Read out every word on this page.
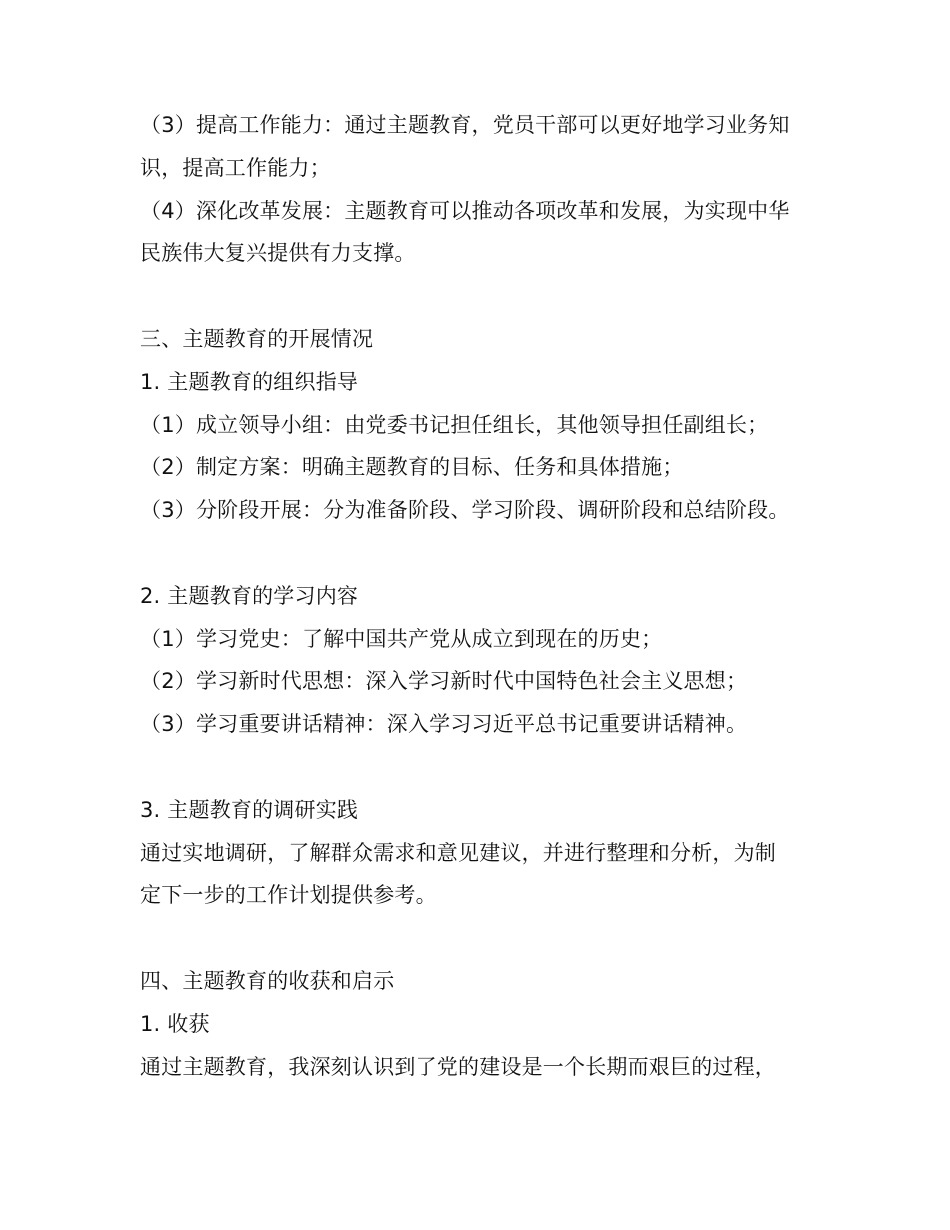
（3）提高工作能力：通过主题教育，党员干部可以更好地学习业务知
识，提高工作能力；
（4）深化改革发展：主题教育可以推动各项改革和发展，为实现中华
民族伟大复兴提供有力支撑。
三、主题教育的开展情况
1. 主题教育的组织指导
（1）成立领导小组：由党委书记担任组长，其他领导担任副组长；
（2）制定方案：明确主题教育的目标、任务和具体措施；
（3）分阶段开展：分为准备阶段、学习阶段、调研阶段和总结阶段。
2. 主题教育的学习内容
（1）学习党史：了解中国共产党从成立到现在的历史；
（2）学习新时代思想：深入学习新时代中国特色社会主义思想；
（3）学习重要讲话精神：深入学习习近平总书记重要讲话精神。
3. 主题教育的调研实践
通过实地调研，了解群众需求和意见建议，并进行整理和分析，为制
定下一步的工作计划提供参考。
四、主题教育的收获和启示
1. 收获
通过主题教育，我深刻认识到了党的建设是一个长期而艰巨的过程，
